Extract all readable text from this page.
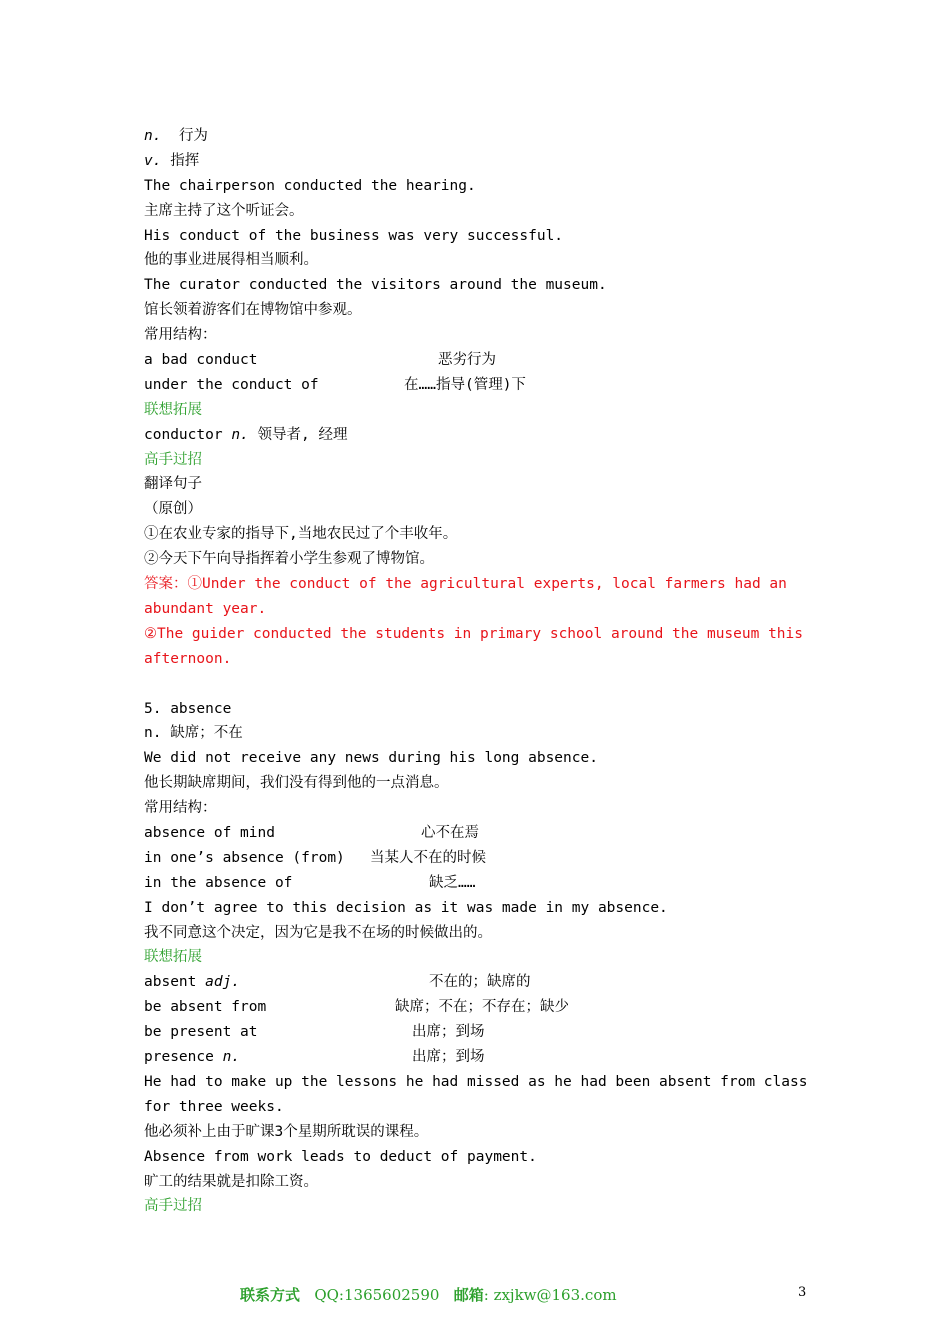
n. 行为
v. 指挥
The chairperson conducted the hearing.
主席主持了这个听证会。
His conduct of the business was very successful.
他的事业进展得相当顺利。
The curator conducted the visitors around the museum.
馆长领着游客们在博物馆中参观。
常用结构：
a bad conduct	恶劣行为
under the conduct of	在……指导(管理)下
联想拓展
conductor n. 领导者, 经理
高手过招
翻译句子
（原创）
①在农业专家的指导下,当地农民过了个丰收年。
②今天下午向导指挥着小学生参观了博物馆。
答案：①Under the conduct of the agricultural experts, local farmers had an abundant year.
②The guider conducted the students in primary school around the museum this afternoon.
5. absence
n. 缺席；不在
We did not receive any news during his long absence.
他长期缺席期间，我们没有得到他的一点消息。
常用结构：
absence of mind	心不在焉
in one’s absence (from) 当某人不在的时候
in the absence of	缺乏……
I don’t agree to this decision as it was made in my absence.
我不同意这个决定，因为它是我不在场的时候做出的。
联想拓展
absent adj.	不在的；缺席的
be absent from	缺席；不在；不存在；缺少
be present at	出席；到场
presence n.	出席；到场
He had to make up the lessons he had missed as he had been absent from class for three weeks.
他必须补上由于旷课3个星期所耽误的课程。
Absence from work leads to deduct of payment.
旷工的结果就是扣除工资。
高手过招
联系方式 QQ:1365602590 邮箱: zxjkw@163.com	3
